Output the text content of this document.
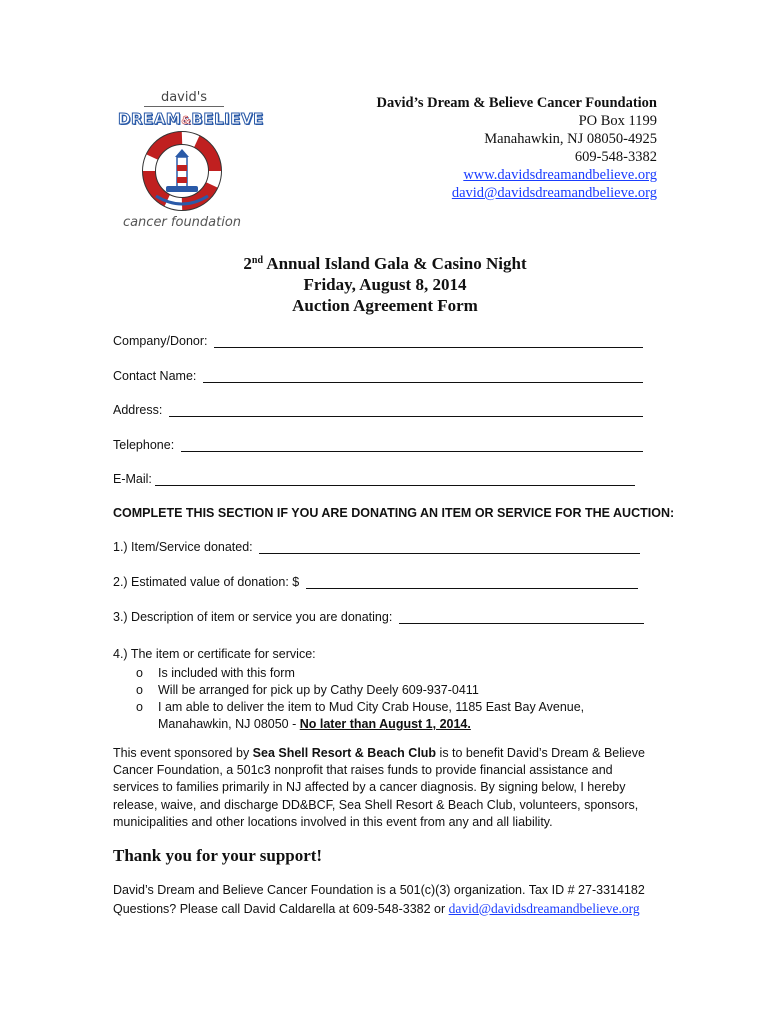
david's
DREAM&BELIEVE
cancer foundation
David’s Dream & Believe Cancer Foundation
PO Box 1199
Manahawkin, NJ 08050-4925
609-548-3382
www.davidsdreamandbelieve.org
david@davidsdreamandbelieve.org
2nd Annual Island Gala & Casino Night
Friday, August 8, 2014
Auction Agreement Form
Company/Donor:
Contact Name:
Address:
Telephone:
E-Mail:
COMPLETE THIS SECTION IF YOU ARE DONATING AN ITEM OR SERVICE FOR THE AUCTION:
1.) Item/Service donated:
2.) Estimated value of donation: $
3.) Description of item or service you are donating:
4.) The item or certificate for service:
o	Is included with this form
o	Will be arranged for pick up by Cathy Deely 609-937-0411
o	I am able to deliver the item to Mud City Crab House, 1185 East Bay Avenue, Manahawkin, NJ 08050 - No later than August 1, 2014.
This event sponsored by Sea Shell Resort & Beach Club is to benefit David’s Dream & Believe Cancer Foundation, a 501c3 nonprofit that raises funds to provide financial assistance and services to families primarily in NJ affected by a cancer diagnosis. By signing below, I hereby release, waive, and discharge DD&BCF, Sea Shell Resort & Beach Club, volunteers, sponsors, municipalities and other locations involved in this event from any and all liability.
Thank you for your support!
David’s Dream and Believe Cancer Foundation is a 501(c)(3) organization. Tax ID # 27-3314182
Questions? Please call David Caldarella at 609-548-3382 or david@davidsdreamandbelieve.org
